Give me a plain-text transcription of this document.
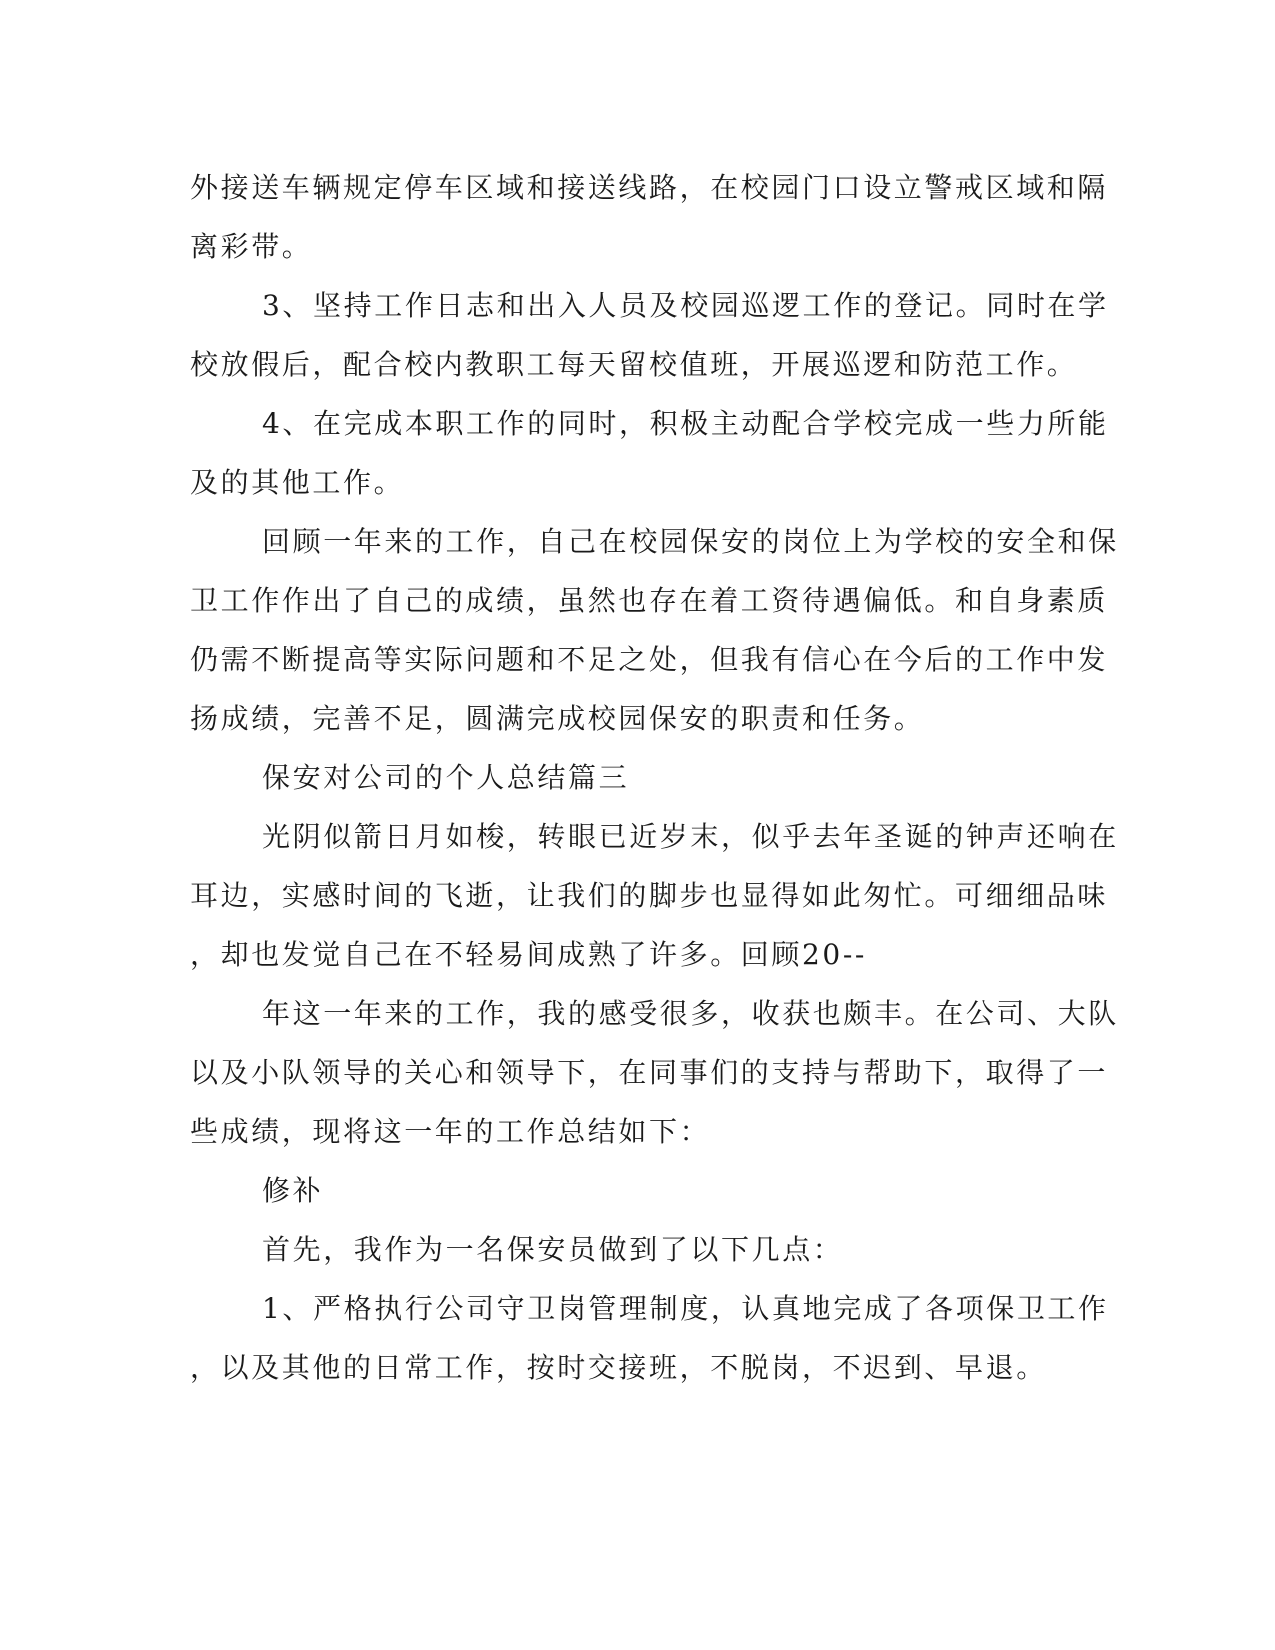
外接送车辆规定停车区域和接送线路，在校园门口设立警戒区域和隔
离彩带。
3、坚持工作日志和出入人员及校园巡逻工作的登记。同时在学
校放假后，配合校内教职工每天留校值班，开展巡逻和防范工作。
4、在完成本职工作的同时，积极主动配合学校完成一些力所能
及的其他工作。
回顾一年来的工作，自己在校园保安的岗位上为学校的安全和保
卫工作作出了自己的成绩，虽然也存在着工资待遇偏低。和自身素质
仍需不断提高等实际问题和不足之处，但我有信心在今后的工作中发
扬成绩，完善不足，圆满完成校园保安的职责和任务。
保安对公司的个人总结篇三
光阴似箭日月如梭，转眼已近岁末，似乎去年圣诞的钟声还响在
耳边，实感时间的飞逝，让我们的脚步也显得如此匆忙。可细细品味
，却也发觉自己在不轻易间成熟了许多。回顾20--
年这一年来的工作，我的感受很多，收获也颇丰。在公司、大队
以及小队领导的关心和领导下，在同事们的支持与帮助下，取得了一
些成绩，现将这一年的工作总结如下：
修补
首先，我作为一名保安员做到了以下几点：
1、严格执行公司守卫岗管理制度，认真地完成了各项保卫工作
，以及其他的日常工作，按时交接班，不脱岗，不迟到、早退。
